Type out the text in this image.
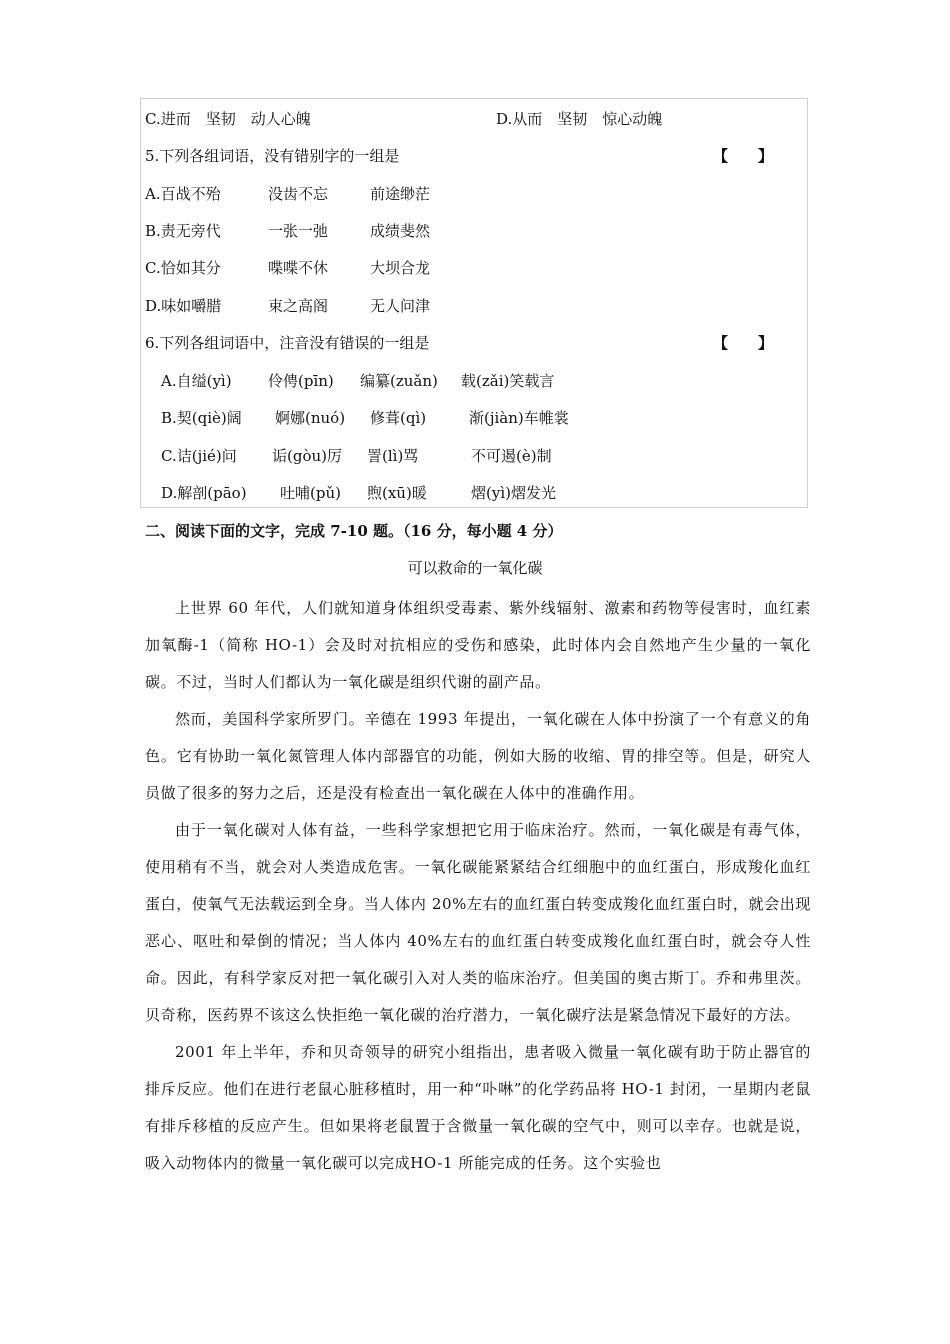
C.进而　坚韧　动人心魄	D.从而　坚韧　惊心动魄
5.下列各组词语，没有错别字的一组是	【　　】
A.百战不殆	没齿不忘	前途缈茫
B.责无旁代	一张一弛	成绩斐然
C.恰如其分	喋喋不休	大坝合龙
D.味如嚼腊	束之高阁	无人问津
6.下列各组词语中，注音没有错误的一组是	【　　】
A.自缢(yì) 伶俜(pīn) 编纂(zuǎn) 载(zǎi)笑载言
B.契(qiè)阔 婀娜(nuó) 修葺(qì)	渐(jiàn)车帷裳
C.诘(jié)问 诟(gòu)厉 詈(lì)骂	不可遏(è)制
D.解剖(pāo) 吐哺(pǔ) 煦(xū)暖	熠(yì)熠发光
二、阅读下面的文字，完成 7-10 题。（16 分，每小题 4 分）
可以救命的一氧化碳

上世界 60 年代，人们就知道身体组织受毒素、紫外线辐射、激素和药物等侵害时，血红素加氧酶-1（简称 HO-1）会及时对抗相应的受伤和感染，此时体内会自然地产生少量的一氧化碳。不过，当时人们都认为一氧化碳是组织代谢的副产品。

然而，美国科学家所罗门。辛德在 1993 年提出，一氧化碳在人体中扮演了一个有意义的角色。它有协助一氧化氮管理人体内部器官的功能，例如大肠的收缩、胃的排空等。但是，研究人员做了很多的努力之后，还是没有检查出一氧化碳在人体中的准确作用。

由于一氧化碳对人体有益，一些科学家想把它用于临床治疗。然而，一氧化碳是有毒气体，使用稍有不当，就会对人类造成危害。一氧化碳能紧紧结合红细胞中的血红蛋白，形成羧化血红蛋白，使氧气无法载运到全身。当人体内 20%左右的血红蛋白转变成羧化血红蛋白时，就会出现恶心、呕吐和晕倒的情况；当人体内 40%左右的血红蛋白转变成羧化血红蛋白时，就会夺人性命。因此，有科学家反对把一氧化碳引入对人类的临床治疗。但美国的奥古斯丁。乔和弗里茨。贝奇称，医药界不该这么快拒绝一氧化碳的治疗潜力，一氧化碳疗法是紧急情况下最好的方法。

2001 年上半年，乔和贝奇领导的研究小组指出，患者吸入微量一氧化碳有助于防止器官的排斥反应。他们在进行老鼠心脏移植时，用一种“卟啉”的化学药品将 HO-1 封闭，一星期内老鼠有排斥移植的反应产生。但如果将老鼠置于含微量一氧化碳的空气中，则可以幸存。也就是说，吸入动物体内的微量一氧化碳可以完成HO-1 所能完成的任务。这个实验也
